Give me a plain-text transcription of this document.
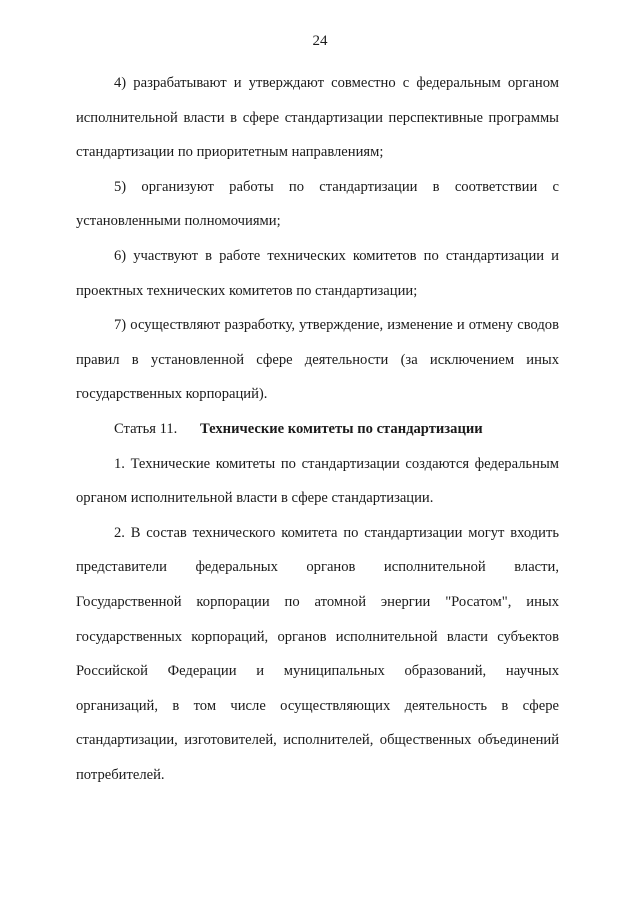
24

4) разрабатывают и утверждают совместно с федеральным органом исполнительной власти в сфере стандартизации перспективные программы стандартизации по приоритетным направлениям;

5) организуют работы по стандартизации в соответствии с установленными полномочиями;

6) участвуют в работе технических комитетов по стандартизации и проектных технических комитетов по стандартизации;

7) осуществляют разработку, утверждение, изменение и отмену сводов правил в установленной сфере деятельности (за исключением иных государственных корпораций).

Статья 11. Технические комитеты по стандартизации

1. Технические комитеты по стандартизации создаются федеральным органом исполнительной власти в сфере стандартизации.

2. В состав технического комитета по стандартизации могут входить представители федеральных органов исполнительной власти, Государственной корпорации по атомной энергии "Росатом", иных государственных корпораций, органов исполнительной власти субъектов Российской Федерации и муниципальных образований, научных организаций, в том числе осуществляющих деятельность в сфере стандартизации, изготовителей, исполнителей, общественных объединений потребителей.
